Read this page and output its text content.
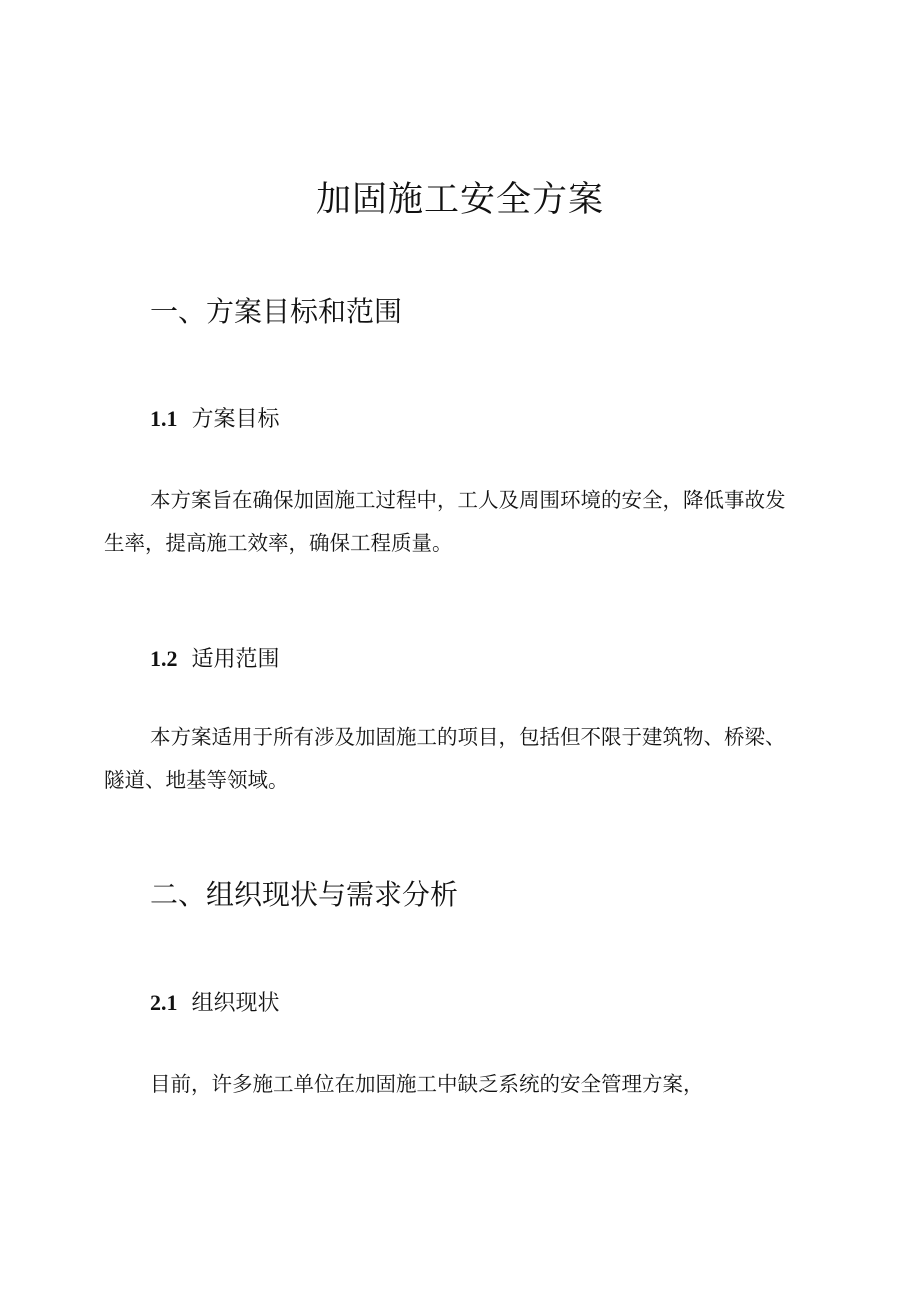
加固施工安全方案
一、方案目标和范围
1.1 方案目标
本方案旨在确保加固施工过程中，工人及周围环境的安全，降低事故发生率，提高施工效率，确保工程质量。
1.2 适用范围
本方案适用于所有涉及加固施工的项目，包括但不限于建筑物、桥梁、隧道、地基等领域。
二、组织现状与需求分析
2.1 组织现状
目前，许多施工单位在加固施工中缺乏系统的安全管理方案，
